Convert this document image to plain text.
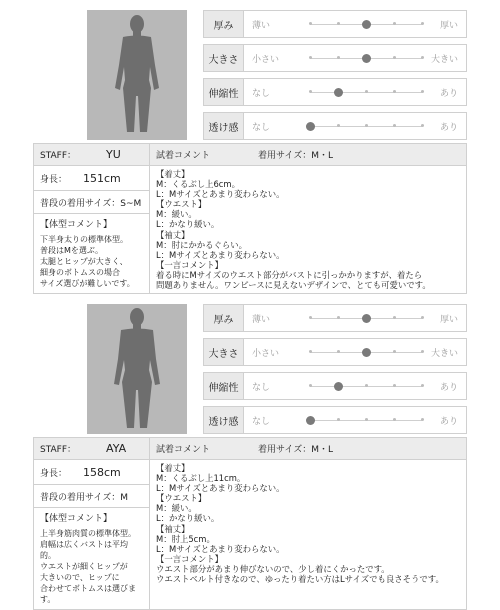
厚み	薄い	厚い
大きさ	小さい	大きい
伸縮性	なし	あり
透け感	なし	あり
STAFF：	YU
身長： 151cm
普段の着用サイズ：S~M
【体型コメント】
下半身太りの標準体型。
普段はMを選ぶ。
太腿とヒップが大きく、
細身のボトムスの場合
サイズ選びが難しいです。
試着コメント	着用サイズ：M・L
【着丈】
M：くるぶし上6cm。
L：Mサイズとあまり変わらない。
【ウエスト】
M：緩い。
L：かなり緩い。
【袖丈】
M：肘にかかるぐらい。
L：Mサイズとあまり変わらない。
【一言コメント】
着る時にMサイズのウエスト部分がバストに引っかかりますが、着たら
問題ありません。ワンピースに見えないデザインで、とても可愛いです。
厚み	薄い	厚い
大きさ	小さい	大きい
伸縮性	なし	あり
透け感	なし	あり
STAFF：	AYA
身長： 158cm
普段の着用サイズ：M
【体型コメント】
上半身筋肉質の標準体型。
肩幅は広くバストは平均的。
ウエストが細くヒップが
大きいので、ヒップに
合わせてボトムスは選びます。
試着コメント	着用サイズ：M・L
【着丈】
M：くるぶし上11cm。
L：Mサイズとあまり変わらない。
【ウエスト】
M：緩い。
L：かなり緩い。
【袖丈】
M：肘上5cm。
L：Mサイズとあまり変わらない。
【一言コメント】
ウエスト部分があまり伸びないので、少し着にくかったです。
ウエストベルト付きなので、ゆったり着たい方はLサイズでも良さそうです。
